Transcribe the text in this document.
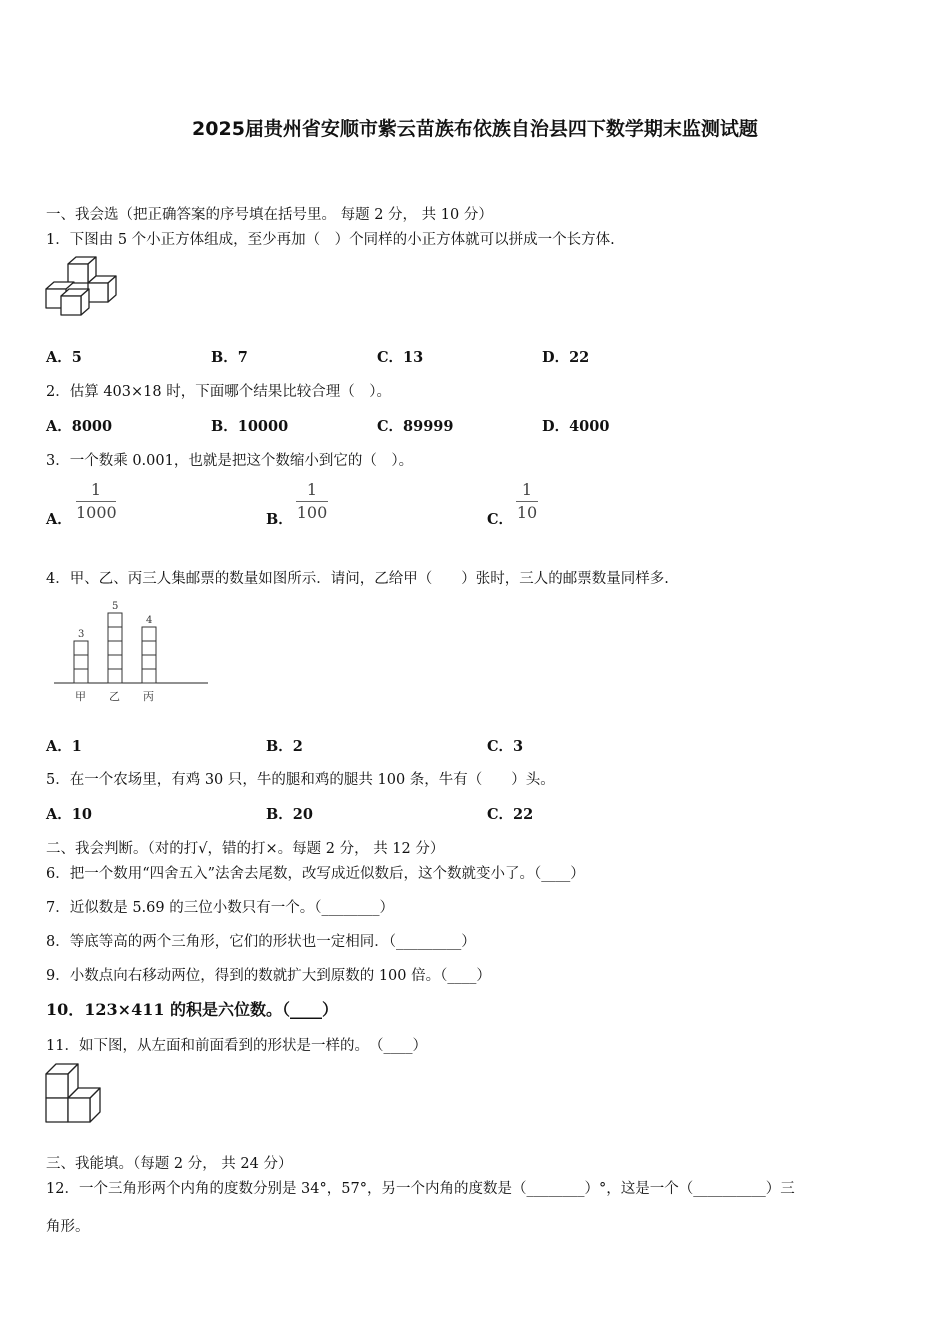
2025届贵州省安顺市紫云苗族布依族自治县四下数学期末监测试题
一、我会选（把正确答案的序号填在括号里。 每题 2 分， 共 10 分）
1．下图由 5 个小正方体组成，至少再加（　）个同样的小正方体就可以拼成一个长方体.
A．5	B．7	C．13	D．22
2．估算 403×18 时，下面哪个结果比较合理（　）。
A．8000	B．10000	C．89999	D．4000
3．一个数乘 0.001，也就是把这个数缩小到它的（　）。
A．
1
1000	B．
1
100	C．
1
10
4．甲、乙、丙三人集邮票的数量如图所示．请问，乙给甲（　　）张时，三人的邮票数量同样多.
3
甲
5
乙
4
丙
A．1	B．2	C．3
5．在一个农场里，有鸡 30 只，牛的腿和鸡的腿共 100 条，牛有（　　）头。
A．10	B．20	C．22
二、我会判断。（对的打√，错的打×。每题 2 分， 共 12 分）
6．把一个数用“四舍五入”法舍去尾数，改写成近似数后，这个数就变小了。（____）
7．近似数是 5.69 的三位小数只有一个。（________）
8．等底等高的两个三角形，它们的形状也一定相同．（_________）
9．小数点向右移动两位，得到的数就扩大到原数的 100 倍。（____）
10．123×411 的积是六位数。（____）
11．如下图，从左面和前面看到的形状是一样的。　（____）
三、我能填。（每题 2 分， 共 24 分）
12．一个三角形两个内角的度数分别是 34°，57°，另一个内角的度数是（________）°，这是一个（__________）三
角形。
